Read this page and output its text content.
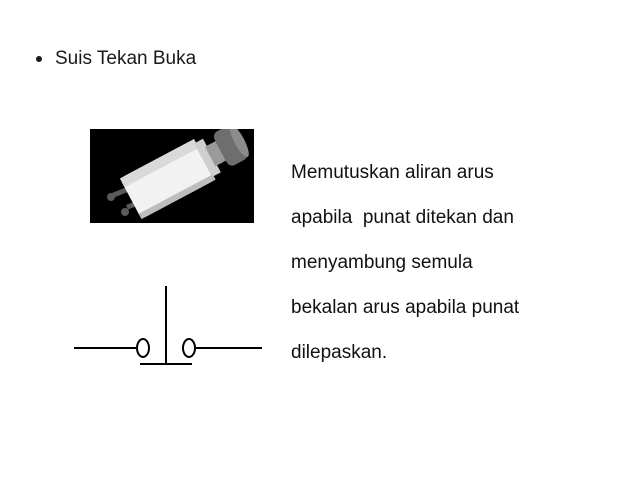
Suis Tekan Buka
Memutuskan aliran arus
apabila  punat ditekan dan
menyambung semula
bekalan arus apabila punat
dilepaskan.
